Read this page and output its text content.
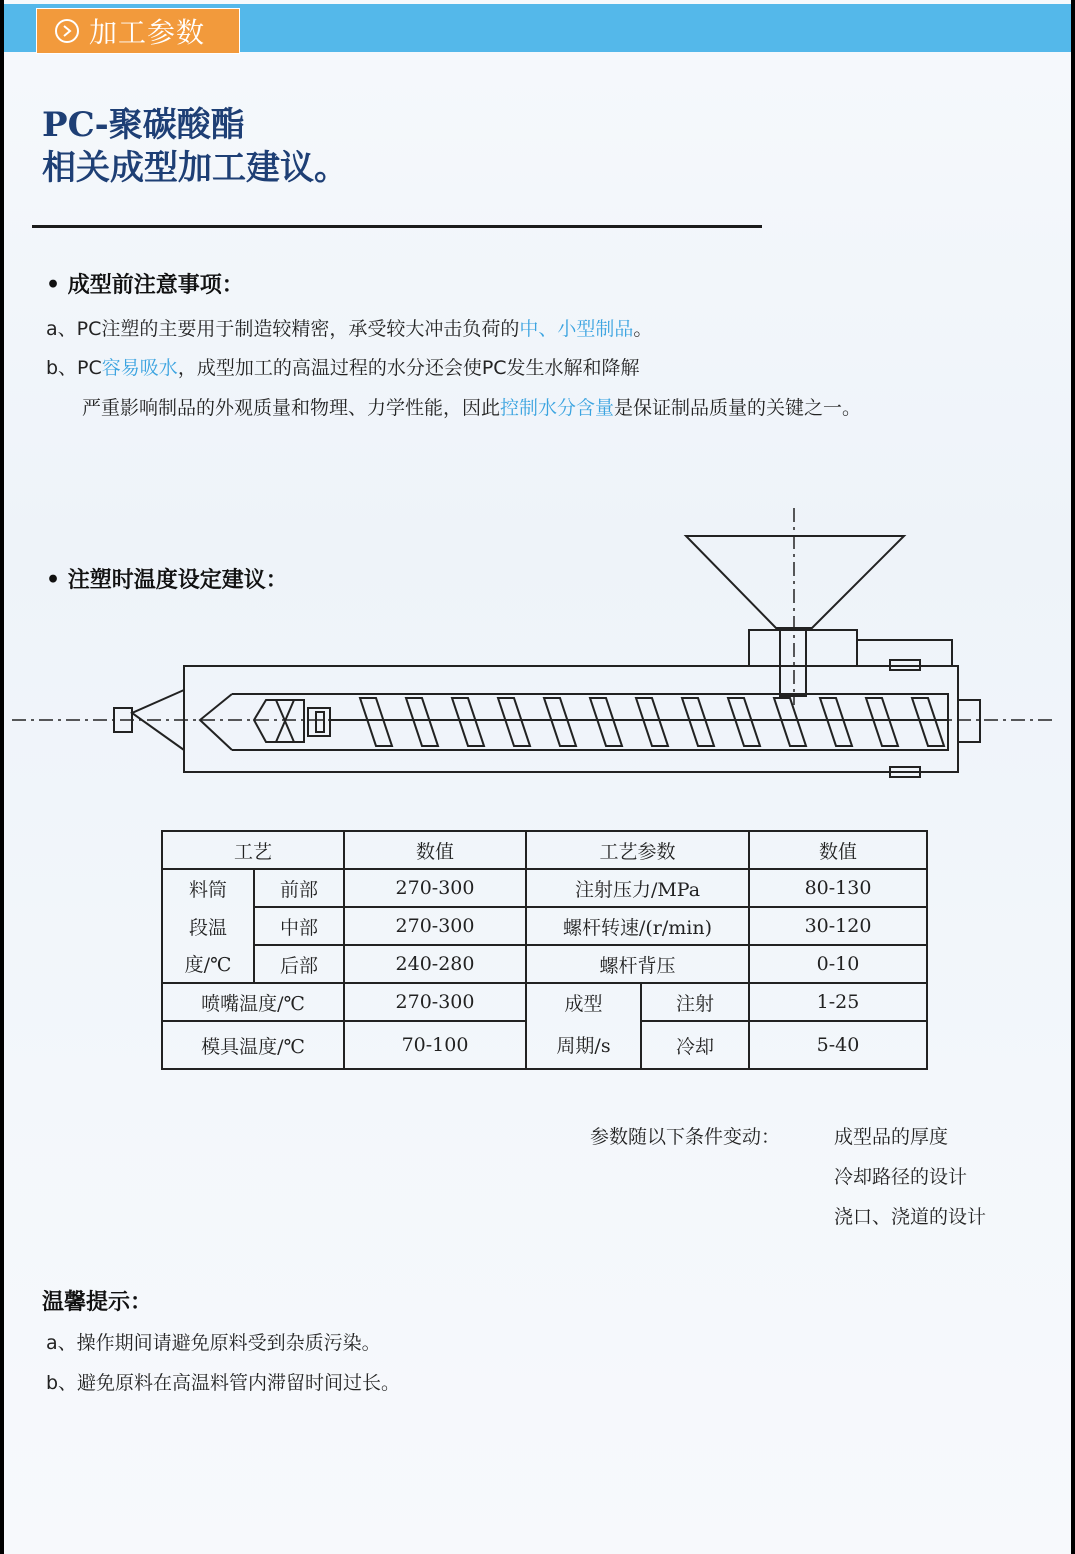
加工参数
PC-聚碳酸酯
相关成型加工建议。
• 成型前注意事项：
a、PC注塑的主要用于制造较精密，承受较大冲击负荷的中、小型制品。
b、PC容易吸水，成型加工的高温过程的水分还会使PC发生水解和降解
严重影响制品的外观质量和物理、力学性能，因此控制水分含量是保证制品质量的关键之一。
• 注塑时温度设定建议：
工艺		数值	工艺参数		数值
料筒	前部	270-300	注射压力/MPa		80-130
段温	中部	270-300	螺杆转速/(r/min)		30-120
度/℃	后部	240-280	螺杆背压		0-10
喷嘴温度/℃		270-300	成型	注射	1-25
模具温度/℃		70-100	周期/s	冷却	5-40
参数随以下条件变动：	成型品的厚度
冷却路径的设计
浇口、浇道的设计
温馨提示：
a、操作期间请避免原料受到杂质污染。
b、避免原料在高温料管内滞留时间过长。
